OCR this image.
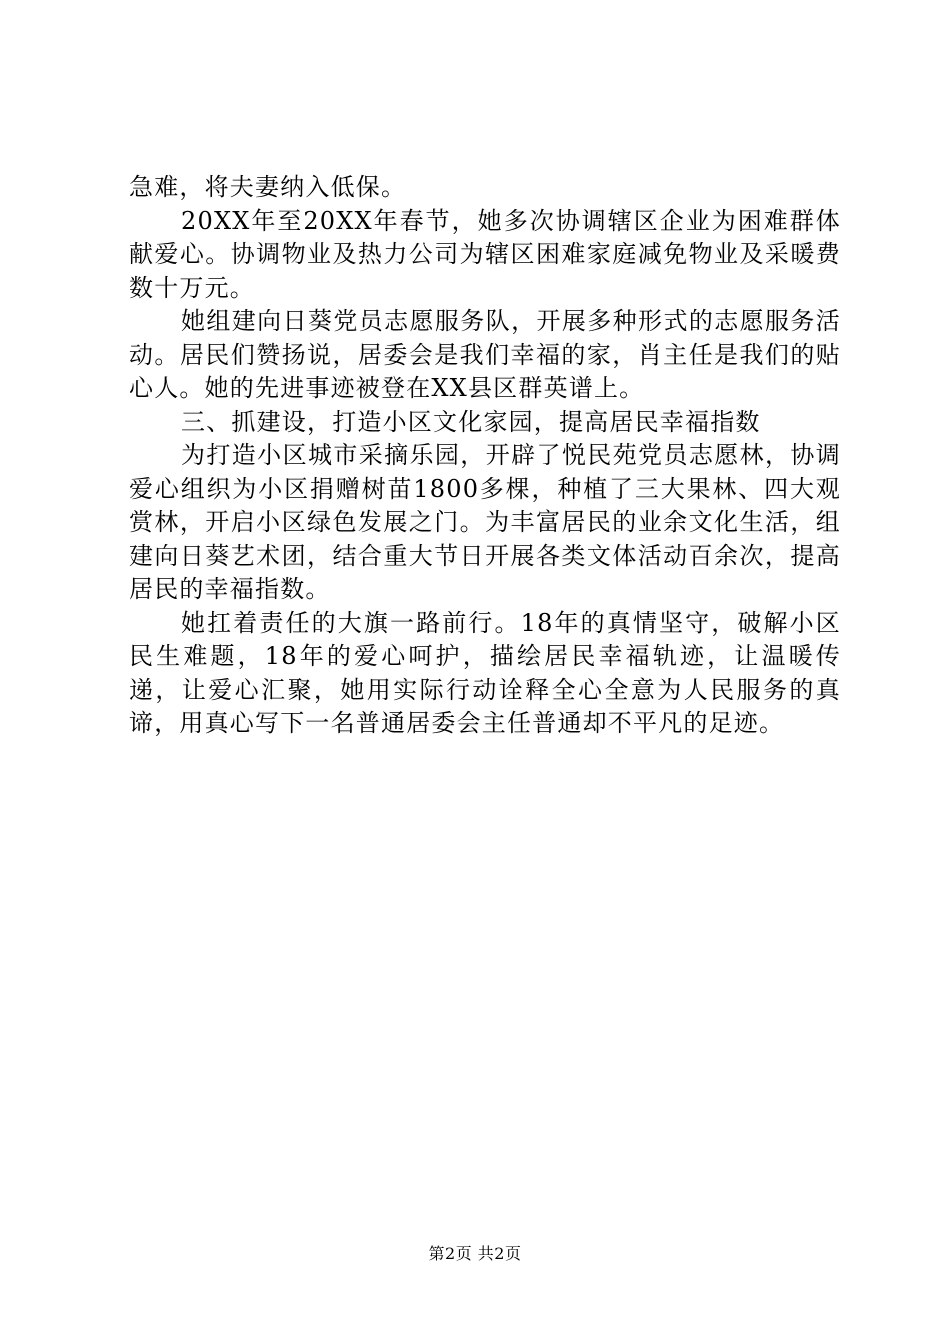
急难，将夫妻纳入低保。

20XX年至20XX年春节，她多次协调辖区企业为困难群体献爱心。协调物业及热力公司为辖区困难家庭减免物业及采暖费数十万元。

她组建向日葵党员志愿服务队，开展多种形式的志愿服务活动。居民们赞扬说，居委会是我们幸福的家，肖主任是我们的贴心人。她的先进事迹被登在XX县区群英谱上。

三、抓建设，打造小区文化家园，提高居民幸福指数

为打造小区城市采摘乐园，开辟了悦民苑党员志愿林，协调爱心组织为小区捐赠树苗1800多棵，种植了三大果林、四大观赏林，开启小区绿色发展之门。为丰富居民的业余文化生活，组建向日葵艺术团，结合重大节日开展各类文体活动百余次，提高居民的幸福指数。

她扛着责任的大旗一路前行。18年的真情坚守，破解小区民生难题，18年的爱心呵护，描绘居民幸福轨迹，让温暖传递，让爱心汇聚，她用实际行动诠释全心全意为人民服务的真谛，用真心写下一名普通居委会主任普通却不平凡的足迹。

第2页 共2页
